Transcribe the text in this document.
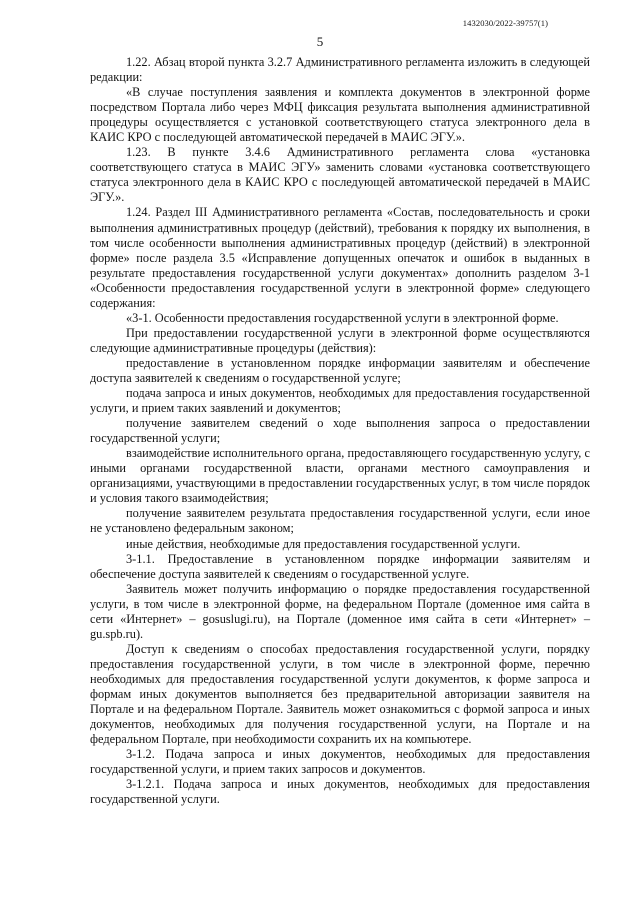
1432030/2022-39757(1)
5

1.22. Абзац второй пункта 3.2.7 Административного регламента изложить в следующей редакции:

«В случае поступления заявления и комплекта документов в электронной форме посредством Портала либо через МФЦ фиксация результата выполнения административной процедуры осуществляется с установкой соответствующего статуса электронного дела в КАИС КРО с последующей автоматической передачей в МАИС ЭГУ.».

1.23. В пункте 3.4.6 Административного регламента слова «установка соответствующего статуса в МАИС ЭГУ» заменить словами «установка соответствующего статуса электронного дела в КАИС КРО с последующей автоматической передачей в МАИС ЭГУ.».

1.24. Раздел III Административного регламента «Состав, последовательность и сроки выполнения административных процедур (действий), требования к порядку их выполнения, в том числе особенности выполнения административных процедур (действий) в электронной форме» после раздела 3.5 «Исправление допущенных опечаток и ошибок в выданных в результате предоставления государственной услуги документах» дополнить разделом 3-1 «Особенности предоставления государственной услуги в электронной форме» следующего содержания:

«3-1. Особенности предоставления государственной услуги в электронной форме.

При предоставлении государственной услуги в электронной форме осуществляются следующие административные процедуры (действия):

предоставление в установленном порядке информации заявителям и обеспечение доступа заявителей к сведениям о государственной услуге;

подача запроса и иных документов, необходимых для предоставления государственной услуги, и прием таких заявлений и документов;

получение заявителем сведений о ходе выполнения запроса о предоставлении государственной услуги;

взаимодействие исполнительного органа, предоставляющего государственную услугу, с иными органами государственной власти, органами местного самоуправления и организациями, участвующими в предоставлении государственных услуг, в том числе порядок и условия такого взаимодействия;

получение заявителем результата предоставления государственной услуги, если иное не установлено федеральным законом;

иные действия, необходимые для предоставления государственной услуги.

3-1.1. Предоставление в установленном порядке информации заявителям и обеспечение доступа заявителей к сведениям о государственной услуге.

Заявитель может получить информацию о порядке предоставления государственной услуги, в том числе в электронной форме, на федеральном Портале (доменное имя сайта в сети «Интернет» – gosuslugi.ru), на Портале (доменное имя сайта в сети «Интернет» – gu.spb.ru).

Доступ к сведениям о способах предоставления государственной услуги, порядку предоставления государственной услуги, в том числе в электронной форме, перечню необходимых для предоставления государственной услуги документов, к форме запроса и формам иных документов выполняется без предварительной авторизации заявителя на Портале и на федеральном Портале. Заявитель может ознакомиться с формой запроса и иных документов, необходимых для получения государственной услуги, на Портале и на федеральном Портале, при необходимости сохранить их на компьютере.

3-1.2. Подача запроса и иных документов, необходимых для предоставления государственной услуги, и прием таких запросов и документов.

3-1.2.1. Подача запроса и иных документов, необходимых для предоставления государственной услуги.
